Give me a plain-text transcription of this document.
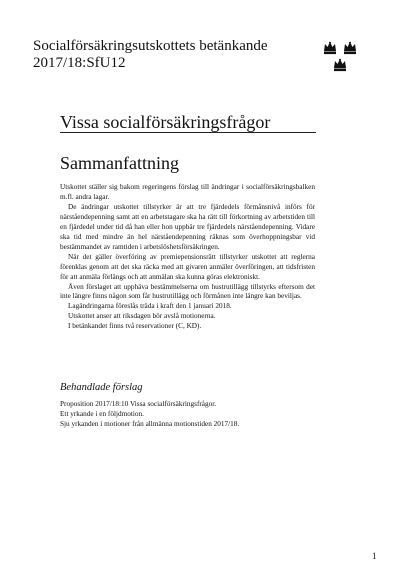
Socialförsäkringsutskottets betänkande
2017/18:SfU12
Vissa socialförsäkringsfrågor
Sammanfattning

Utskottet ställer sig bakom regeringens förslag till ändringar i socialförsäkringsbalken m.fl. andra lagar.

De ändringar utskottet tillstyrker är att tre fjärdedels förmånsnivå införs för närståendepenning samt att en arbetstagare ska ha rätt till förkortning av arbetstiden till en fjärdedel under tid då han eller hon uppbär tre fjärdedels närståendepenning. Vidare ska tid med mindre än hel närståendepenning räknas som överhoppningsbar vid bestämmandet av ramtiden i arbetslöshetsförsäkringen.

När det gäller överföring av premiepensionsrätt tillstyrker utskottet att reglerna förenklas genom att det ska räcka med att givaren anmäler överföringen, att tidsfristen för att anmäla förlängs och att anmälan ska kunna göras elektroniskt.

Även förslaget att upphäva bestämmelserna om hustrutillägg tillstyrks eftersom det inte längre finns någon som får hustrutillägg och förmånen inte längre kan beviljas.

Lagändringarna föreslås träda i kraft den 1 januari 2018.

Utskottet anser att riksdagen bör avslå motionerna.

I betänkandet finns två reservationer (C, KD).

Behandlade förslag

Proposition 2017/18:10 Vissa socialförsäkringsfrågor.

Ett yrkande i en följdmotion.

Sju yrkanden i motioner från allmänna motionstiden 2017/18.

1
